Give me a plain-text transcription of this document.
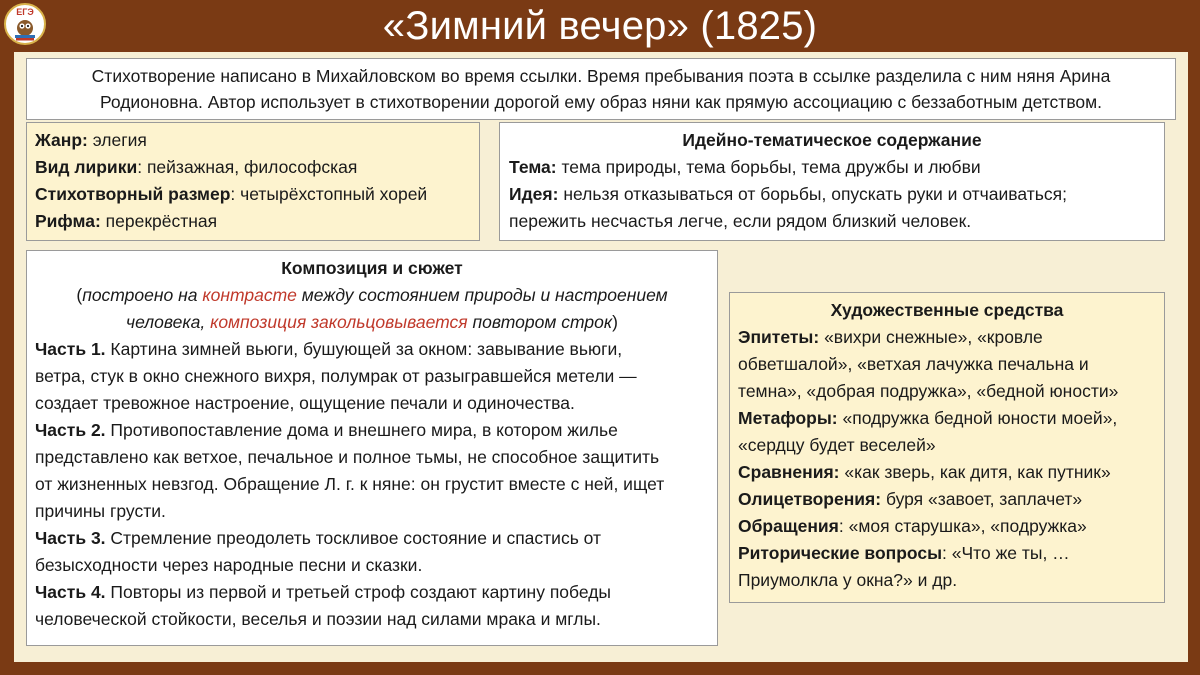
ЕГЭ	«Зимний вечер» (1825)
Стихотворение написано в Михайловском во время ссылки. Время пребывания поэта в ссылке разделила с ним няня Арина
Родионовна. Автор использует в стихотворении дорогой ему образ няни как прямую ассоциацию с беззаботным детством.
Жанр: элегия
Вид лирики: пейзажная, философская
Стихотворный размер: четырёхстопный хорей
Рифма: перекрёстная
Идейно-тематическое содержание
Тема: тема природы, тема борьбы, тема дружбы и любви
Идея: нельзя отказываться от борьбы, опускать руки и отчаиваться;
пережить несчастья легче, если рядом близкий человек.
Композиция и сюжет
(построено на контрасте между состоянием природы и настроением
человека, композиция закольцовывается повтором строк)
Часть 1. Картина зимней вьюги, бушующей за окном: завывание вьюги,
ветра, стук в окно снежного вихря, полумрак от разыгравшейся метели —
создает тревожное настроение, ощущение печали и одиночества.
Часть 2. Противопоставление дома и внешнего мира, в котором жилье
представлено как ветхое, печальное и полное тьмы, не способное защитить
от жизненных невзгод. Обращение Л. г. к няне: он грустит вместе с ней, ищет
причины грусти.
Часть 3. Стремление преодолеть тоскливое состояние и спастись от
безысходности через народные песни и сказки.
Часть 4. Повторы из первой и третьей строф создают картину победы
человеческой стойкости, веселья и поэзии над силами мрака и мглы.
Художественные средства
Эпитеты: «вихри снежные», «кровле
обветшалой», «ветхая лачужка печальна и
темна», «добрая подружка», «бедной юности»
Метафоры: «подружка бедной юности моей»,
«сердцу будет веселей»
Сравнения: «как зверь, как дитя, как путник»
Олицетворения: буря «завоет, заплачет»
Обращения: «моя старушка», «подружка»
Риторические вопросы: «Что же ты, …
Приумолкла у окна?» и др.
